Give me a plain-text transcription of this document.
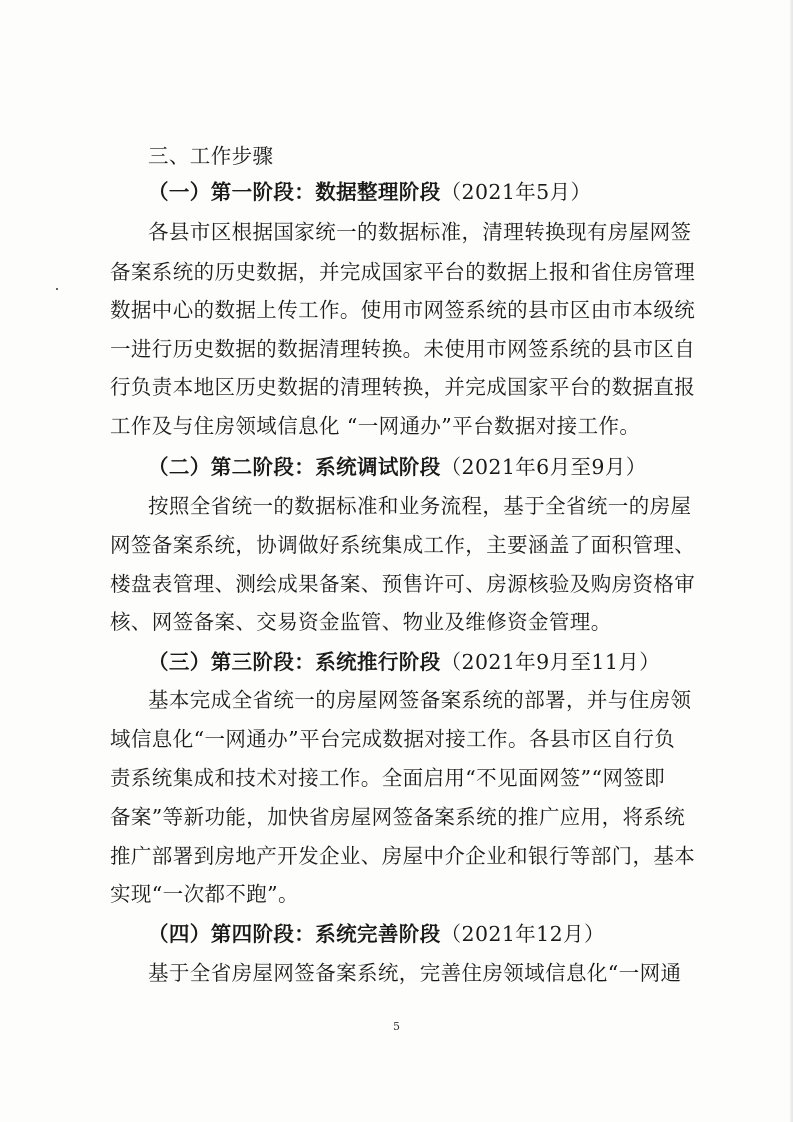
三、工作步骤
（一）第一阶段：数据整理阶段（2021年5月）
各县市区根据国家统一的数据标准，清理转换现有房屋网签
备案系统的历史数据，并完成国家平台的数据上报和省住房管理
数据中心的数据上传工作。使用市网签系统的县市区由市本级统
一进行历史数据的数据清理转换。未使用市网签系统的县市区自
行负责本地区历史数据的清理转换，并完成国家平台的数据直报
工作及与住房领域信息化 “一网通办”平台数据对接工作。
（二）第二阶段：系统调试阶段（2021年6月至9月）
按照全省统一的数据标准和业务流程，基于全省统一的房屋
网签备案系统，协调做好系统集成工作，主要涵盖了面积管理、
楼盘表管理、测绘成果备案、预售许可、房源核验及购房资格审
核、网签备案、交易资金监管、物业及维修资金管理。
（三）第三阶段：系统推行阶段（2021年9月至11月）
基本完成全省统一的房屋网签备案系统的部署，并与住房领
域信息化“一网通办”平台完成数据对接工作。各县市区自行负
责系统集成和技术对接工作。全面启用“不见面网签”“网签即
备案”等新功能，加快省房屋网签备案系统的推广应用，将系统
推广部署到房地产开发企业、房屋中介企业和银行等部门，基本
实现“一次都不跑”。
（四）第四阶段：系统完善阶段（2021年12月）
基于全省房屋网签备案系统，完善住房领域信息化“一网通
5
